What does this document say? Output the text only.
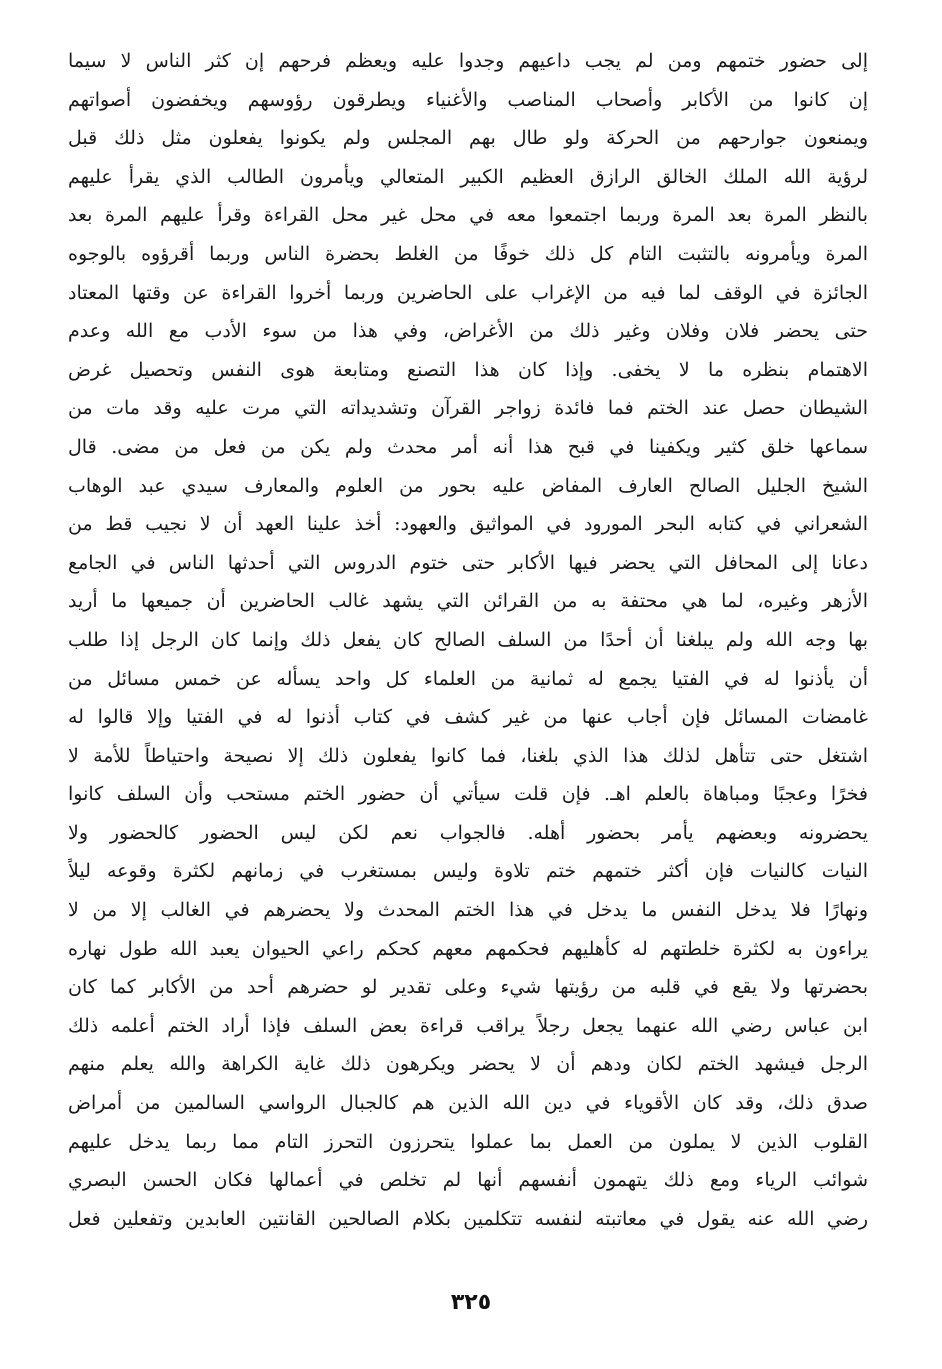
إلى حضور ختمهم ومن لم يجب داعيهم وجدوا عليه ويعظم فرحهم إن كثر الناس لا سيما
إن كانوا من الأكابر وأصحاب المناصب والأغنياء ويطرقون رؤوسهم ويخفضون أصواتهم
ويمنعون جوارحهم من الحركة ولو طال بهم المجلس ولم يكونوا يفعلون مثل ذلك قبل
لرؤية الله الملك الخالق الرازق العظيم الكبير المتعالي ويأمرون الطالب الذي يقرأ عليهم
بالنظر المرة بعد المرة وربما اجتمعوا معه في محل غير محل القراءة وقرأ عليهم المرة بعد
المرة ويأمرونه بالتثبت التام كل ذلك خوفًا من الغلط بحضرة الناس وربما أقرؤوه بالوجوه
الجائزة في الوقف لما فيه من الإغراب على الحاضرين وربما أخروا القراءة عن وقتها المعتاد
حتى يحضر فلان وفلان وغير ذلك من الأغراض، وفي هذا من سوء الأدب مع الله وعدم
الاهتمام بنظره ما لا يخفى. وإذا كان هذا التصنع ومتابعة هوى النفس وتحصيل غرض
الشيطان حصل عند الختم فما فائدة زواجر القرآن وتشديداته التي مرت عليه وقد مات من
سماعها خلق كثير ويكفينا في قبح هذا أنه أمر محدث ولم يكن من فعل من مضى. قال
الشيخ الجليل الصالح العارف المفاض عليه بحور من العلوم والمعارف سيدي عبد الوهاب
الشعراني في كتابه البحر المورود في المواثيق والعهود: أخذ علينا العهد أن لا نجيب قط من
دعانا إلى المحافل التي يحضر فيها الأكابر حتى ختوم الدروس التي أحدثها الناس في الجامع
الأزهر وغيره، لما هي محتفة به من القرائن التي يشهد غالب الحاضرين أن جميعها ما أريد
بها وجه الله ولم يبلغنا أن أحدًا من السلف الصالح كان يفعل ذلك وإنما كان الرجل إذا طلب
أن يأذنوا له في الفتيا يجمع له ثمانية من العلماء كل واحد يسأله عن خمس مسائل من
غامضات المسائل فإن أجاب عنها من غير كشف في كتاب أذنوا له في الفتيا وإلا قالوا له
اشتغل حتى تتأهل لذلك هذا الذي بلغنا، فما كانوا يفعلون ذلك إلا نصيحة واحتياطاً للأمة لا
فخرًا وعجبًا ومباهاة بالعلم اهـ. فإن قلت سيأتي أن حضور الختم مستحب وأن السلف كانوا
يحضرونه وبعضهم يأمر بحضور أهله. فالجواب نعم لكن ليس الحضور كالحضور ولا
النيات كالنيات فإن أكثر ختمهم ختم تلاوة وليس بمستغرب في زمانهم لكثرة وقوعه ليلاً
ونهارًا فلا يدخل النفس ما يدخل في هذا الختم المحدث ولا يحضرهم في الغالب إلا من لا
يراءون به لكثرة خلطتهم له كأهليهم فحكمهم معهم كحكم راعي الحيوان يعبد الله طول نهاره
بحضرتها ولا يقع في قلبه من رؤيتها شيء وعلى تقدير لو حضرهم أحد من الأكابر كما كان
ابن عباس رضي الله عنهما يجعل رجلاً يراقب قراءة بعض السلف فإذا أراد الختم أعلمه ذلك
الرجل فيشهد الختم لكان ودهم أن لا يحضر ويكرهون ذلك غاية الكراهة والله يعلم منهم
صدق ذلك، وقد كان الأقوياء في دين الله الذين هم كالجبال الرواسي السالمين من أمراض
القلوب الذين لا يملون من العمل بما عملوا يتحرزون التحرز التام مما ربما يدخل عليهم
شوائب الرياء ومع ذلك يتهمون أنفسهم أنها لم تخلص في أعمالها فكان الحسن البصري
رضي الله عنه يقول في معاتبته لنفسه تتكلمين بكلام الصالحين القانتين العابدين وتفعلين فعل
٣٢٥
